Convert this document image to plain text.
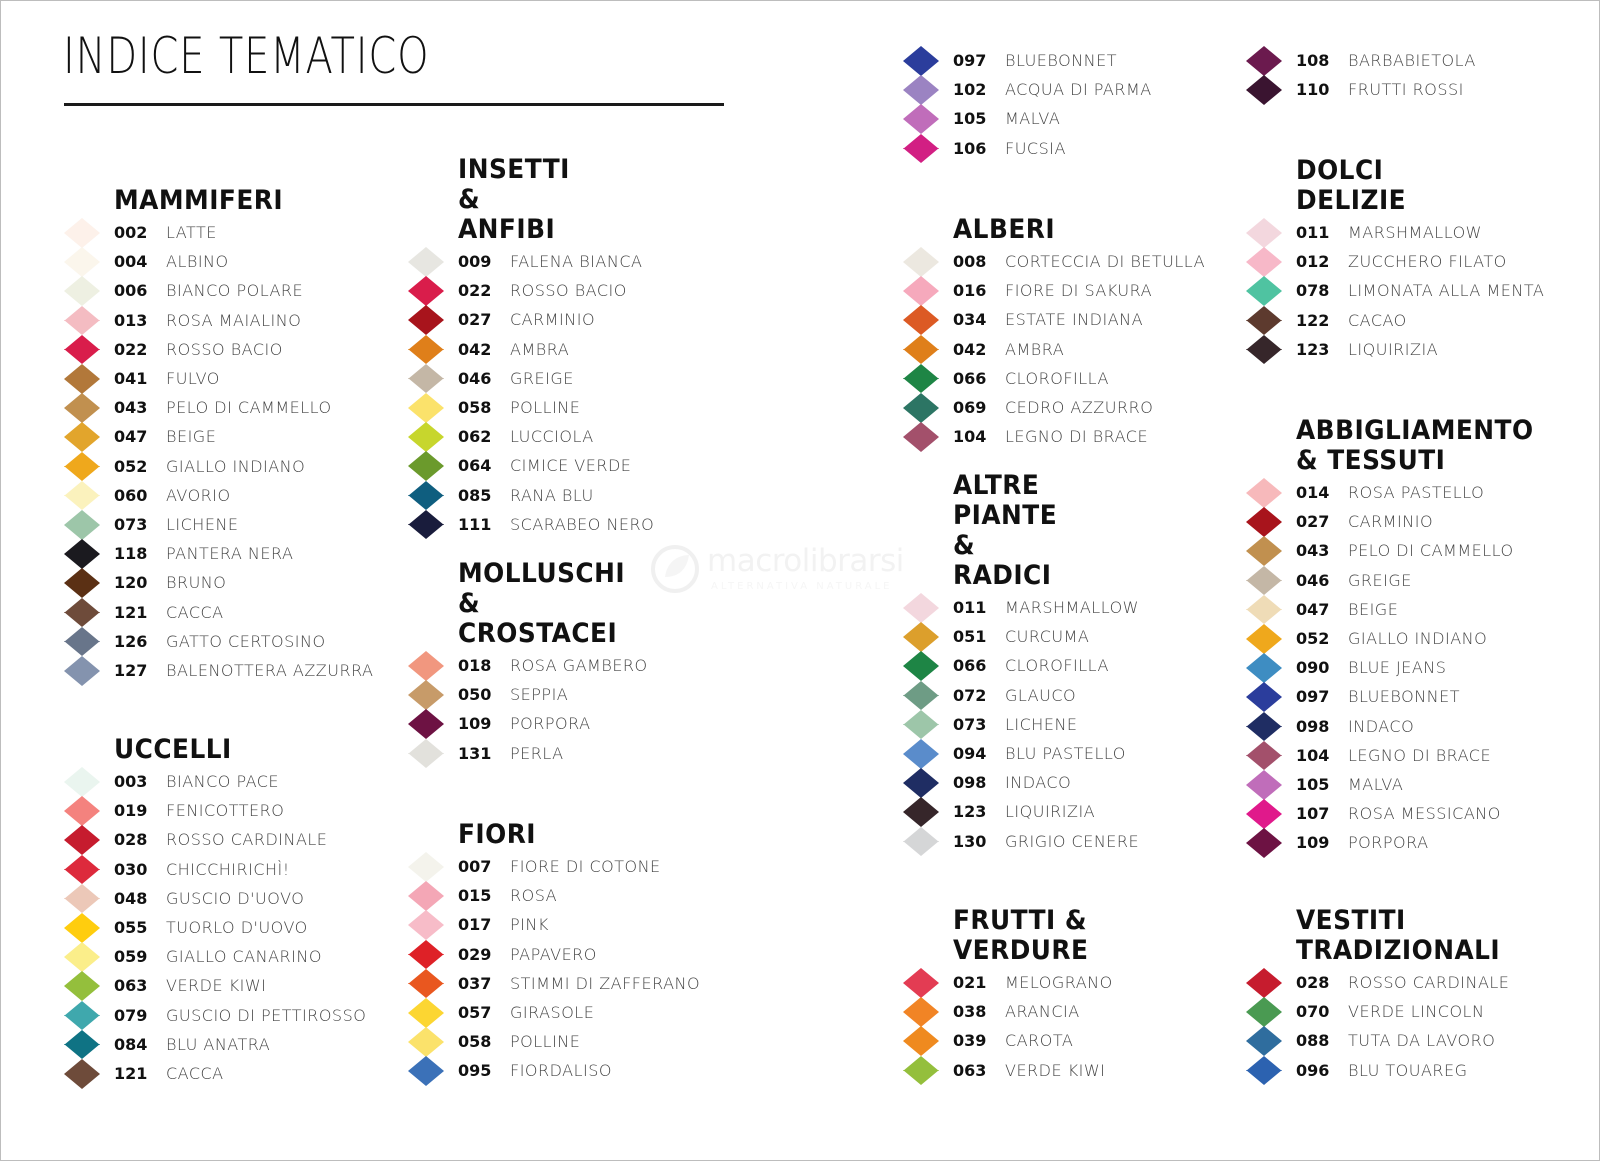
INDICE TEMATICO
macrolibrarsi
ALTERNATIVA NATURALE
MAMMIFERI
002 LATTE
004 ALBINO
006 BIANCO POLARE
013 ROSA MAIALINO
022 ROSSO BACIO
041 FULVO
043 PELO DI CAMMELLO
047 BEIGE
052 GIALLO INDIANO
060 AVORIO
073 LICHENE
118 PANTERA NERA
120 BRUNO
121 CACCA
126 GATTO CERTOSINO
127 BALENOTTERA AZZURRA
UCCELLI
003 BIANCO PACE
019 FENICOTTERO
028 ROSSO CARDINALE
030 CHICCHIRICHÌ!
048 GUSCIO D'UOVO
055 TUORLO D'UOVO
059 GIALLO CANARINO
063 VERDE KIWI
079 GUSCIO DI PETTIROSSO
084 BLU ANATRA
121 CACCA
INSETTI &
ANFIBI
009 FALENA BIANCA
022 ROSSO BACIO
027 CARMINIO
042 AMBRA
046 GREIGE
058 POLLINE
062 LUCCIOLA
064 CIMICE VERDE
085 RANA BLU
111 SCARABEO NERO
MOLLUSCHI &
CROSTACEI
018 ROSA GAMBERO
050 SEPPIA
109 PORPORA
131 PERLA
FIORI
007 FIORE DI COTONE
015 ROSA
017 PINK
029 PAPAVERO
037 STIMMI DI ZAFFERANO
057 GIRASOLE
058 POLLINE
095 FIORDALISO
097 BLUEBONNET
102 ACQUA DI PARMA
105 MALVA
106 FUCSIA
ALBERI
008 CORTECCIA DI BETULLA
016 FIORE DI SAKURA
034 ESTATE INDIANA
042 AMBRA
066 CLOROFILLA
069 CEDRO AZZURRO
104 LEGNO DI BRACE
ALTRE
PIANTE
& RADICI
011 MARSHMALLOW
051 CURCUMA
066 CLOROFILLA
072 GLAUCO
073 LICHENE
094 BLU PASTELLO
098 INDACO
123 LIQUIRIZIA
130 GRIGIO CENERE
FRUTTI &
VERDURE
021 MELOGRANO
038 ARANCIA
039 CAROTA
063 VERDE KIWI
108 BARBABIETOLA
110 FRUTTI ROSSI
DOLCI
DELIZIE
011 MARSHMALLOW
012 ZUCCHERO FILATO
078 LIMONATA ALLA MENTA
122 CACAO
123 LIQUIRIZIA
ABBIGLIAMENTO
& TESSUTI
014 ROSA PASTELLO
027 CARMINIO
043 PELO DI CAMMELLO
046 GREIGE
047 BEIGE
052 GIALLO INDIANO
090 BLUE JEANS
097 BLUEBONNET
098 INDACO
104 LEGNO DI BRACE
105 MALVA
107 ROSA MESSICANO
109 PORPORA
VESTITI
TRADIZIONALI
028 ROSSO CARDINALE
070 VERDE LINCOLN
088 TUTA DA LAVORO
096 BLU TOUAREG
